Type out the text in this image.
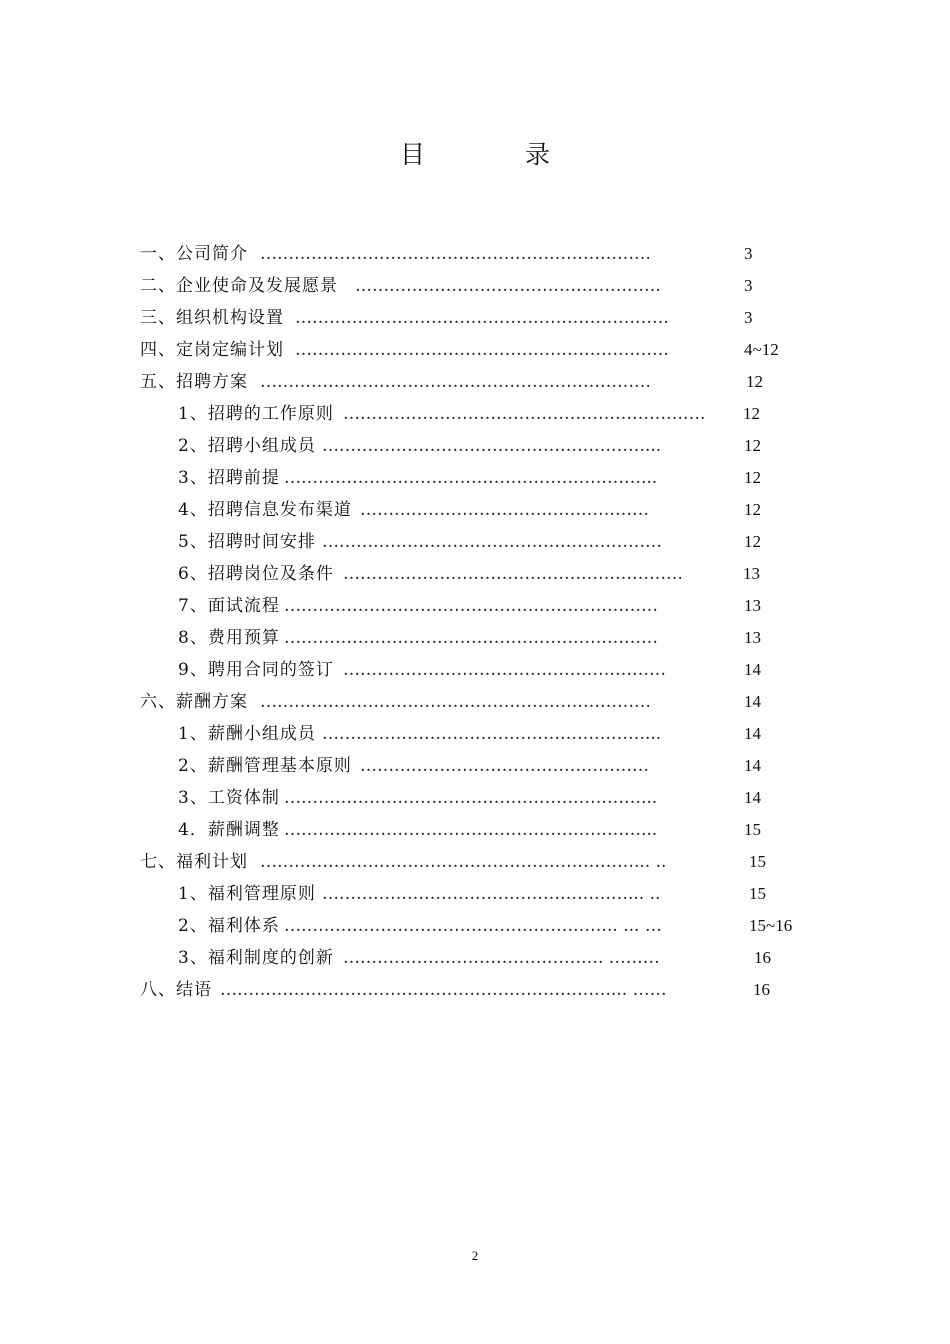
目 录
一、公司简介 ……………………………………………………………	3
二、企业使命及发展愿景 ………………………………………………	3
三、组织机构设置 …………………………………………………………	3
四、定岗定编计划 …………………………………………………………	4~12
五、招聘方案 ……………………………………………………………	12
1、招聘的工作原则 ……………………………………………………….	12
2、招聘小组成员 …………………………………………………...	12
3、招聘前提 ………………………………………………………...	12
4、招聘信息发布渠道 ……………………………………………	12
5、招聘时间安排 ……………………………………………………	12
6、招聘岗位及条件 ……………………………………………………	13
7、面试流程 …………………………………………………………	13
8、费用预算 …………………………………………………………	13
9、聘用合同的签订 …………………………………………………	14
六、薪酬方案 ……………………………………………………………	14
1、薪酬小组成员 …………………………………………………...	14
2、薪酬管理基本原则 ……………………………………………	14
3、工资体制 ………………………………………………………...	14
4．薪酬调整 ………………………………………………………...	15
七、福利计划 …………………………………………………………... ..	15
1、福利管理原则 ………………………………………………... ..	15
2、福利体系 ………………………………………………….. ... …	15~16
3、福利制度的创新 ………………………………………. ………	16
八、结语 ……………………………………………………………... ……	16
2
